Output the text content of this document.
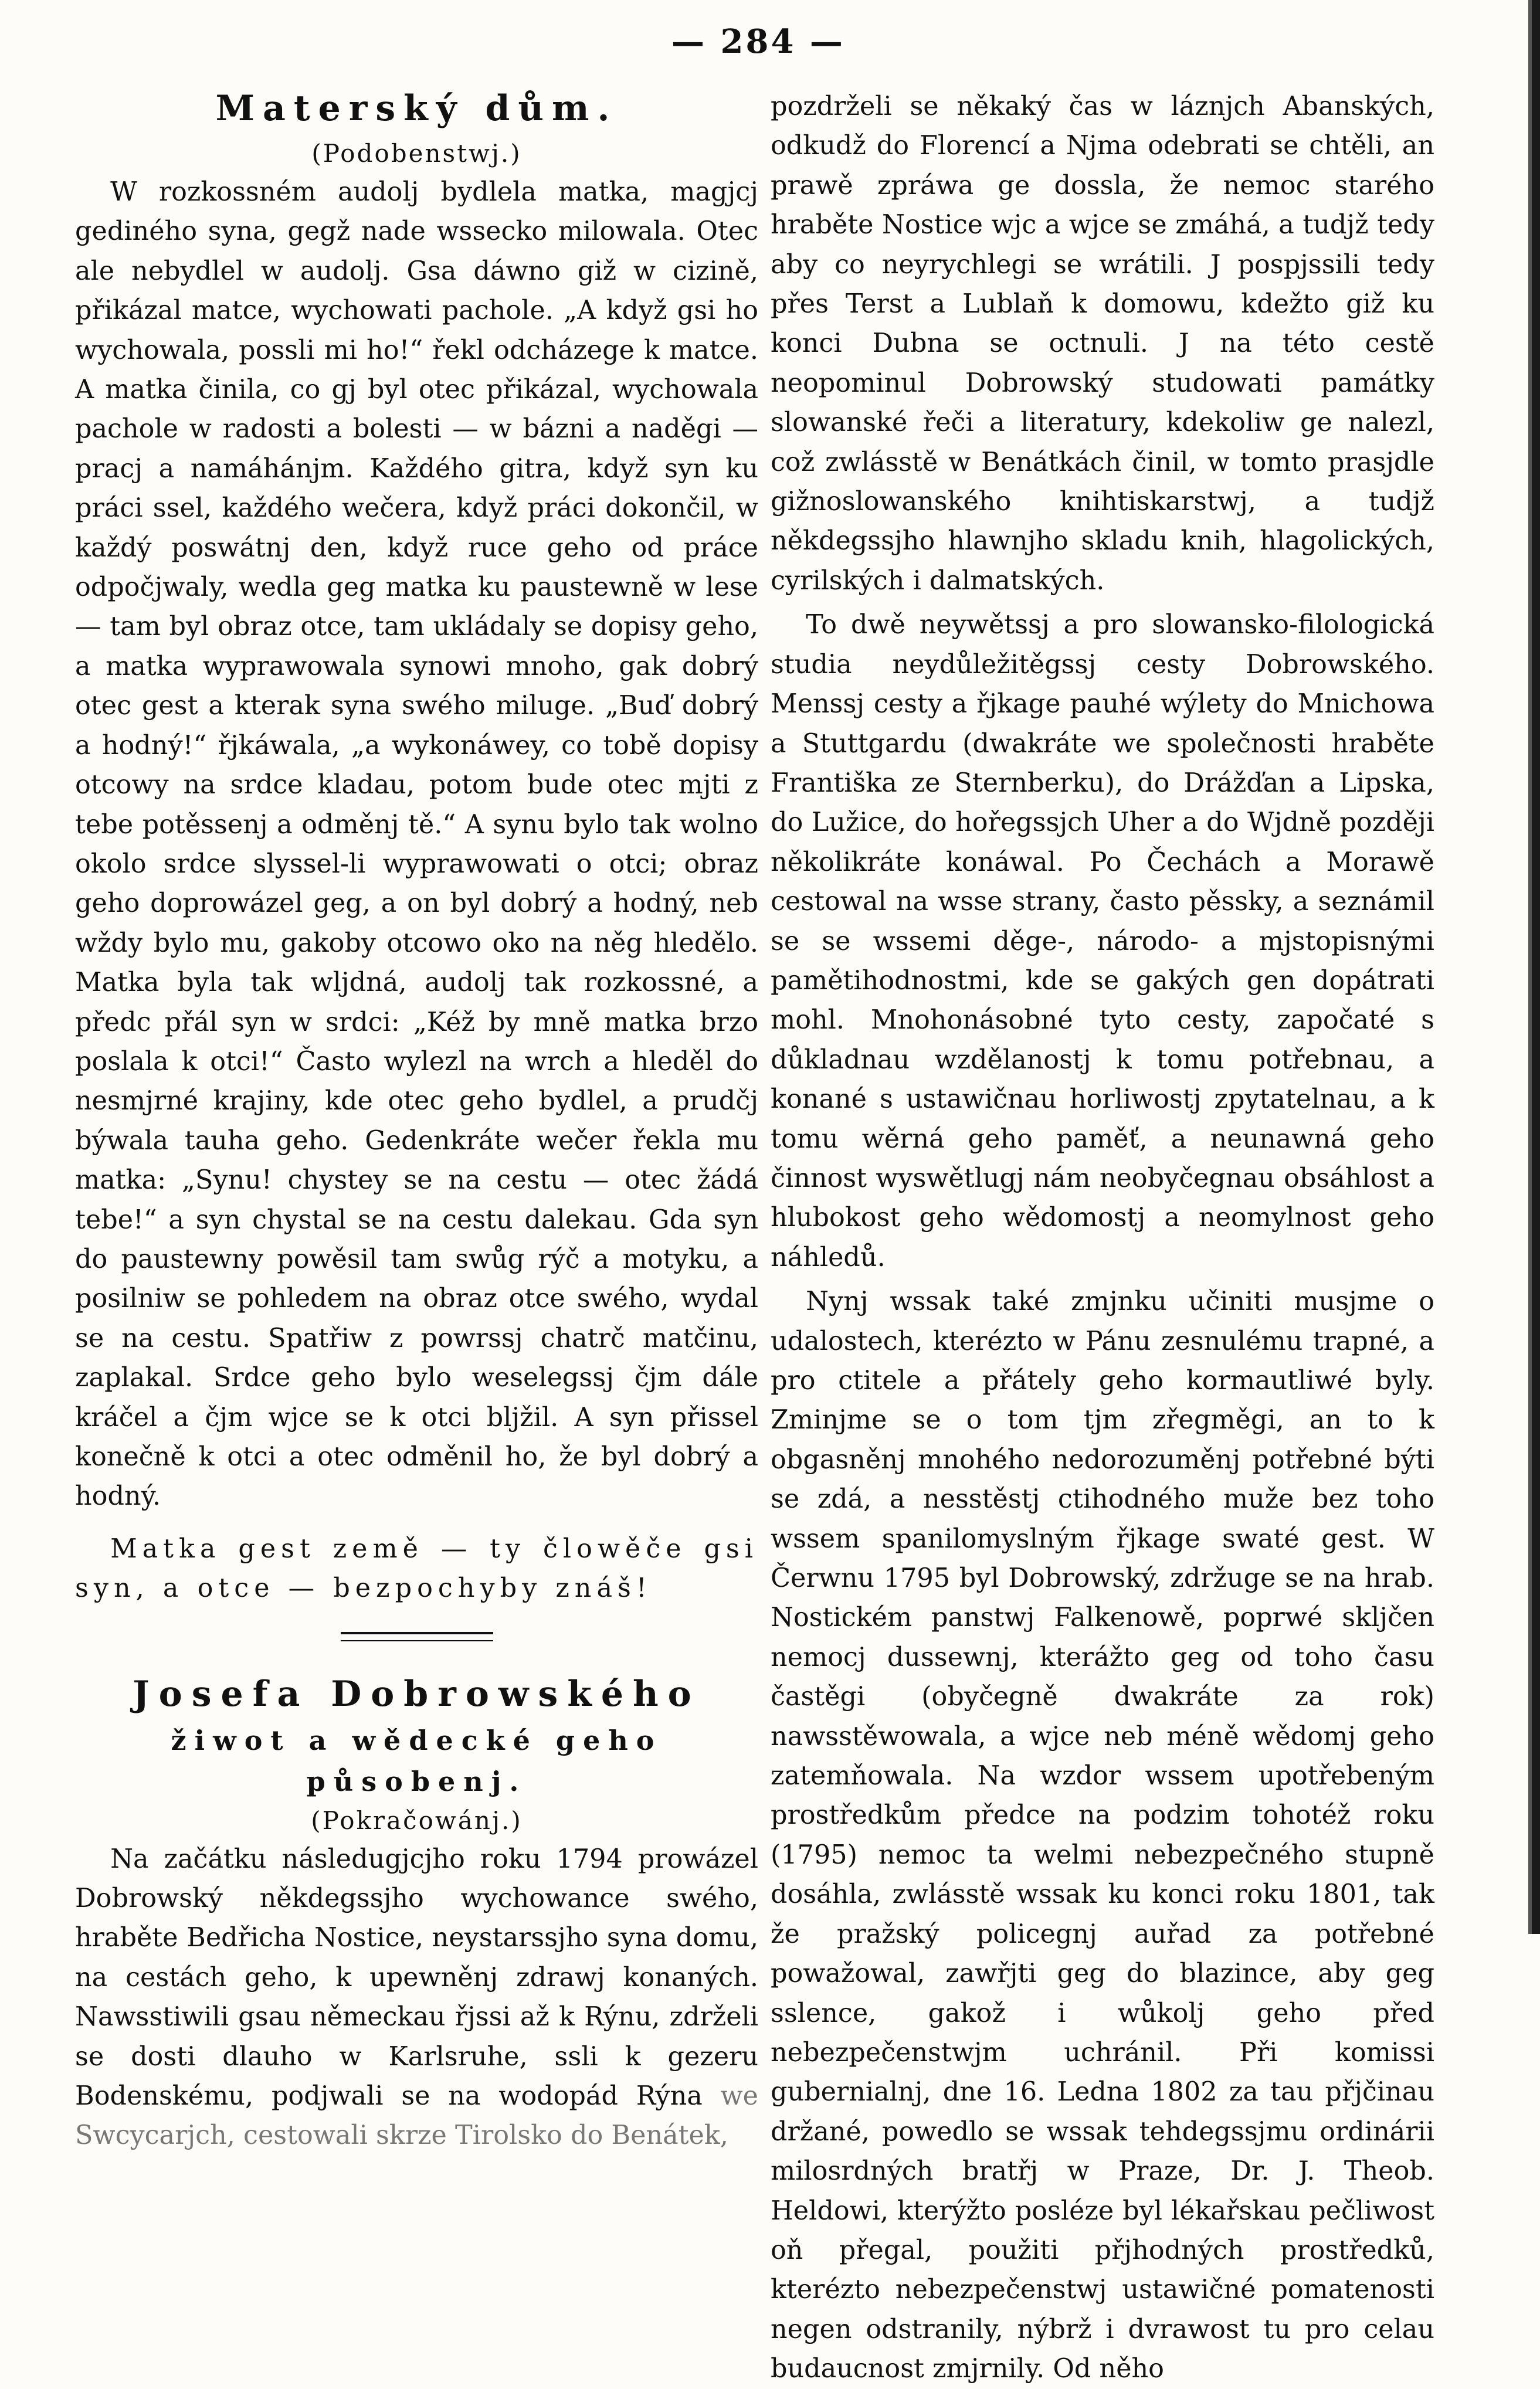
— 284 —
Materský dům.
(Podobenstwj.)

W rozkossném audolj bydlela matka, magjcj gediného syna, gegž nade wssecko milowala. Otec ale nebydlel w audolj. Gsa dáwno giž w cizině, přikázal matce, wychowati pachole. „A když gsi ho wychowala, possli mi ho!“ řekl odcházege k matce. A matka činila, co gj byl otec přikázal, wychowala pachole w radosti a bolesti — w bázni a naděgi — pracj a namáhánjm. Každého gitra, když syn ku práci ssel, každého wečera, když práci dokončil, w každý poswátnj den, když ruce geho od práce odpočjwaly, wedla geg matka ku paustewně w lese — tam byl obraz otce, tam ukládaly se dopisy geho, a matka wyprawowala synowi mnoho, gak dobrý otec gest a kterak syna swého miluge. „Buď dobrý a hodný!“ řjkáwala, „a wykonáwey, co tobě dopisy otcowy na srdce kladau, potom bude otec mjti z tebe potěssenj a odměnj tě.“ A synu bylo tak wolno okolo srdce slyssel-li wyprawowati o otci; obraz geho doprowázel geg, a on byl dobrý a hodný, neb wždy bylo mu, gakoby otcowo oko na něg hledělo. Matka byla tak wljdná, audolj tak rozkossné, a předc přál syn w srdci: „Kéž by mně matka brzo poslala k otci!“ Často wylezl na wrch a hleděl do nesmjrné krajiny, kde otec geho bydlel, a prudčj býwala tauha geho. Gedenkráte wečer řekla mu matka: „Synu! chystey se na cestu — otec žádá tebe!“ a syn chystal se na cestu dalekau. Gda syn do paustewny powěsil tam swůg rýč a motyku, a posilniw se pohledem na obraz otce swého, wydal se na cestu. Spatřiw z powrssj chatrč matčinu, zaplakal. Srdce geho bylo weselegssj čjm dále kráčel a čjm wjce se k otci blјžil. A syn přissel konečně k otci a otec odměnil ho, že byl dobrý a hodný.

Matka gest země — ty člowěče gsi syn, a otce — bezpochyby znáš!

Josefa Dobrowského
žiwot a wědecké geho působenj.
(Pokračowánj.)

Na začátku následugjcjho roku 1794 prowázel Dobrowský někdegssjho wychowance swého, hraběte Bedřicha Nostice, neystarssjho syna domu, na cestách geho, k upewněnj zdrawj konaných. Nawsstiwili gsau německau řjssi až k Rýnu, zdrželi se dosti dlauho w Karlsruhe, ssli k gezeru Bodenskému, podjwali se na wodopád Rýna we Swcycarjch, cestowali skrze Tirolsko do Benátek,

pozdrželi se někaký čas w láznjch Abanských, odkudž do Florencí a Njma odebrati se chtěli, an prawě zpráwa ge dossla, že nemoc starého hraběte Nostice wjc a wjce se zmáhá, a tudjž tedy aby co neyrychlegi se wrátili. J pospjssili tedy přes Terst a Lublaň k domowu, kdežto giž ku konci Dubna se octnuli. J na této cestě neopominul Dobrowský studowati památky slowanské řeči a literatury, kdekoliw ge nalezl, což zwlásstě w Benátkách činil, w tomto prasjdle gižnoslowanského knihtiskarstwj, a tudjž někdegssjho hlawnjho skladu knih, hlagolických, cyrilských i dalmatských.

To dwě neywětssj a pro slowansko-filologická studia neydůležitěgssj cesty Dobrowského. Menssj cesty a řjkage pauhé wýlety do Mnichowa a Stuttgardu (dwakráte we společnosti hraběte Františka ze Sternberku), do Drážďan a Lipska, do Lužice, do hořegssjch Uher a do Wjdně později několikráte konáwal. Po Čechách a Morawě cestowal na wsse strany, často pěssky, a seznámil se se wssemi děge-, národo- a mjstopisnými pamětihodnostmi, kde se gakých gen dopátrati mohl. Mnohonásobné tyto cesty, započaté s důkladnau wzdělanostj k tomu potřebnau, a konané s ustawičnau horliwostj zpytatelnau, a k tomu wěrná geho paměť, a neunawná geho činnost wyswětlugj nám neobyčegnau obsáhlost a hlubokost geho wědomostj a neomylnost geho náhledů.

Nynj wssak také zmjnku učiniti musjme o udalostech, kterézto w Pánu zesnulému trapné, a pro ctitele a přátely geho kormautliwé byly. Zminjme se o tom tjm zřegměgi, an to k obgasněnj mnohého nedorozuměnj potřebné býti se zdá, a nesstěstj ctihodného muže bez toho wssem spanilomyslným řjkage swaté gest. W Čerwnu 1795 byl Dobrowský, zdržuge se na hrab. Nostickém panstwj Falkenowě, poprwé skljčen nemocj dussewnj, kterážto geg od toho času častěgi (obyčegně dwakráte za rok) nawsstěwowala, a wjce neb méně wědomj geho zatemňowala. Na wzdor wssem upotřebeným prostředkům předce na podzim tohotéž roku (1795) nemoc ta welmi nebezpečného stupně dosáhla, zwlásstě wssak ku konci roku 1801, tak že pražský policegnj auřad za potřebné powažowal, zawřjti geg do blazince, aby geg sslence, gakož i wůkolj geho před nebezpečenstwjm uchránil. Při komissi gubernialnj, dne 16. Ledna 1802 za tau přjčinau držané, powedlo se wssak tehdegssjmu ordinárii milosrdných bratřj w Praze, Dr. J. Theob. Heldowi, kterýžto posléze byl lékařskau pečliwost oň přegal, použiti přjhodných prostředků, kterézto nebezpečenstwj ustawičné pomatenosti negen odstranily, nýbrž i dvrawost tu pro celau budaucnost zmjrnily. Od něho
